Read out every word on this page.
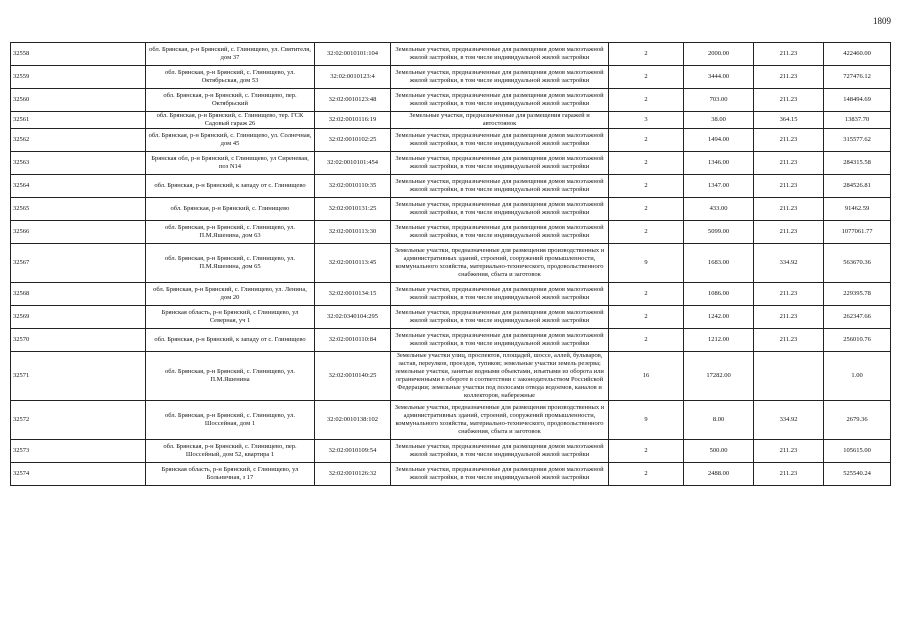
1809
32558	обл. Брянская, р-н Брянский, с. Глинищево, ул. Святителя, дом 37	32:02:0010101:104	Земельные участки, предназначенные для размещения домов малоэтажной жилой застройки, в том числе индивидуальной жилой застройки	2	2000.00	211.23	422460.00
32559	обл. Брянская, р-н Брянский, с. Глинищево, ул. Октябрьская, дом 53	32:02:0010123:4	Земельные участки, предназначенные для размещения домов малоэтажной жилой застройки, в том числе индивидуальной жилой застройки	2	3444.00	211.23	727476.12
32560	обл. Брянская, р-н Брянский, с. Глинищево, пер. Октябрьский	32:02:0010123:48	Земельные участки, предназначенные для размещения домов малоэтажной жилой застройки, в том числе индивидуальной жилой застройки	2	703.00	211.23	148494.69
32561	обл. Брянская, р-н Брянский, с. Глинищево, тер. ГСК Садовый гараж 26	32:02:0010116:19	Земельные участки, предназначенные для размещения гаражей и автостоянок	3	38.00	364.15	13837.70
32562	обл. Брянская, р-н Брянский, с. Глинищево, ул. Солнечная, дом 45	32:02:0010102:25	Земельные участки, предназначенные для размещения домов малоэтажной жилой застройки, в том числе индивидуальной жилой застройки	2	1494.00	211.23	315577.62
32563	Брянская обл, р-н Брянский, с Глинищево, ул Сиреневая, поз N14	32:02:0010101:454	Земельные участки, предназначенные для размещения домов малоэтажной жилой застройки, в том числе индивидуальной жилой застройки	2	1346.00	211.23	284315.58
32564	обл. Брянская, р-н Брянский, к западу от с. Глинищево	32:02:0010110:35	Земельные участки, предназначенные для размещения домов малоэтажной жилой застройки, в том числе индивидуальной жилой застройки	2	1347.00	211.23	284526.81
32565	обл. Брянская, р-н Брянский, с. Глинищево	32:02:0010131:25	Земельные участки, предназначенные для размещения домов малоэтажной жилой застройки, в том числе индивидуальной жилой застройки	2	433.00	211.23	91462.59
32566	обл. Брянская, р-н Брянский, с. Глинищево, ул. П.М.Яшенина, дом 63	32:02:0010113:30	Земельные участки, предназначенные для размещения домов малоэтажной жилой застройки, в том числе индивидуальной жилой застройки	2	5099.00	211.23	1077061.77
32567	обл. Брянская, р-н Брянский, с. Глинищево, ул. П.М.Яшенина, дом 65	32:02:0010113:45	Земельные участки, предназначенные для размещения производственных и административных зданий, строений, сооружений промышленности, коммунального хозяйства, материально-технического, продовольственного снабжения, сбыта и заготовок	9	1683.00	334.92	563670.36
32568	обл. Брянская, р-н Брянский, с. Глинищево, ул. Ленина, дом 20	32:02:0010134:15	Земельные участки, предназначенные для размещения домов малоэтажной жилой застройки, в том числе индивидуальной жилой застройки	2	1086.00	211.23	229395.78
32569	Брянская область, р-н Брянский, с Глинищево, ул Северная, уч 1	32:02:0340104:295	Земельные участки, предназначенные для размещения домов малоэтажной жилой застройки, в том числе индивидуальной жилой застройки	2	1242.00	211.23	262347.66
32570	обл. Брянская, р-н Брянский, к западу от с. Глинищево	32:02:0010110:84	Земельные участки, предназначенные для размещения домов малоэтажной жилой застройки, в том числе индивидуальной жилой застройки	2	1212.00	211.23	256010.76
32571	обл. Брянская, р-н Брянский, с. Глинищево, ул. П.М.Яшенина	32:02:0010140:25	Земельные участки улиц, проспектов, площадей, шоссе, аллей, бульваров, застав, переулков, проездов, тупиков; земельные участки земель резерва; земельные участки, занятые водными объектами, изъятыми из оборота или ограниченными в обороте в соответствии с законодательством Российской Федерации; земельные участки под полосами отвода водоемов, каналов и коллекторов, набережные	16	17282.00		1.00
32572	обл. Брянская, р-н Брянский, с. Глинищево, ул. Шоссейная, дом 1	32:02:0010138:102	Земельные участки, предназначенные для размещения производственных и административных зданий, строений, сооружений промышленности, коммунального хозяйства, материально-технического, продовольственного снабжения, сбыта и заготовок	9	8.00	334.92	2679.36
32573	обл. Брянская, р-н Брянский, с. Глинищево, пер. Шоссейный, дом 52, квартира 1	32:02:0010109:54	Земельные участки, предназначенные для размещения домов малоэтажной жилой застройки, в том числе индивидуальной жилой застройки	2	500.00	211.23	105615.00
32574	Брянская область, р-н Брянский, с Глинищево, ул Больничная, з 17	32:02:0010126:32	Земельные участки, предназначенные для размещения домов малоэтажной жилой застройки, в том числе индивидуальной жилой застройки	2	2488.00	211.23	525540.24
